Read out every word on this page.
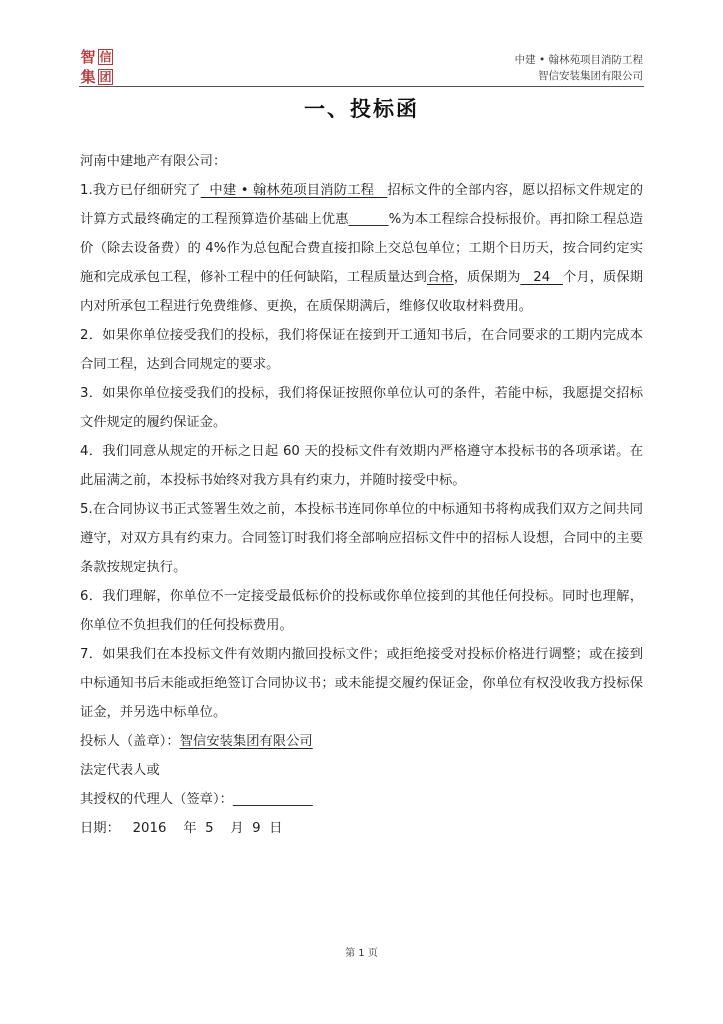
智 信
集 团
中建 • 翰林苑项目消防工程
智信安装集团有限公司
一、投标函

河南中建地产有限公司：

1.我方已仔细研究了  中建 • 翰林苑项目消防工程   招标文件的全部内容，愿以招标文件规定的计算方式最终确定的工程预算造价基础上优惠______%为本工程综合投标报价。再扣除工程总造价（除去设备费）的 4%作为总包配合费直接扣除上交总包单位；工期个日历天，按合同约定实施和完成承包工程，修补工程中的任何缺陷，工程质量达到合格，质保期为   24   个月，质保期内对所承包工程进行免费维修、更换，在质保期满后，维修仅收取材料费用。

2．如果你单位接受我们的投标，我们将保证在接到开工通知书后，在合同要求的工期内完成本合同工程，达到合同规定的要求。

3．如果你单位接受我们的投标，我们将保证按照你单位认可的条件，若能中标，我愿提交招标文件规定的履约保证金。

4．我们同意从规定的开标之日起 60 天的投标文件有效期内严格遵守本投标书的各项承诺。在此届满之前，本投标书始终对我方具有约束力，并随时接受中标。

5.在合同协议书正式签署生效之前，本投标书连同你单位的中标通知书将构成我们双方之间共同遵守，对双方具有约束力。合同签订时我们将全部响应招标文件中的招标人设想，合同中的主要条款按规定执行。

6．我们理解，你单位不一定接受最低标价的投标或你单位接到的其他任何投标。同时也理解，你单位不负担我们的任何投标费用。

7．如果我们在本投标文件有效期内撤回投标文件；或拒绝接受对投标价格进行调整；或在接到中标通知书后未能或拒绝签订合同协议书；或未能提交履约保证金，你单位有权没收我方投标保证金，并另选中标单位。

投标人（盖章）：智信安装集团有限公司

法定代表人或

其授权的代理人（签章）：____________

日期：   2016    年  5    月  9  日

第 1 页
